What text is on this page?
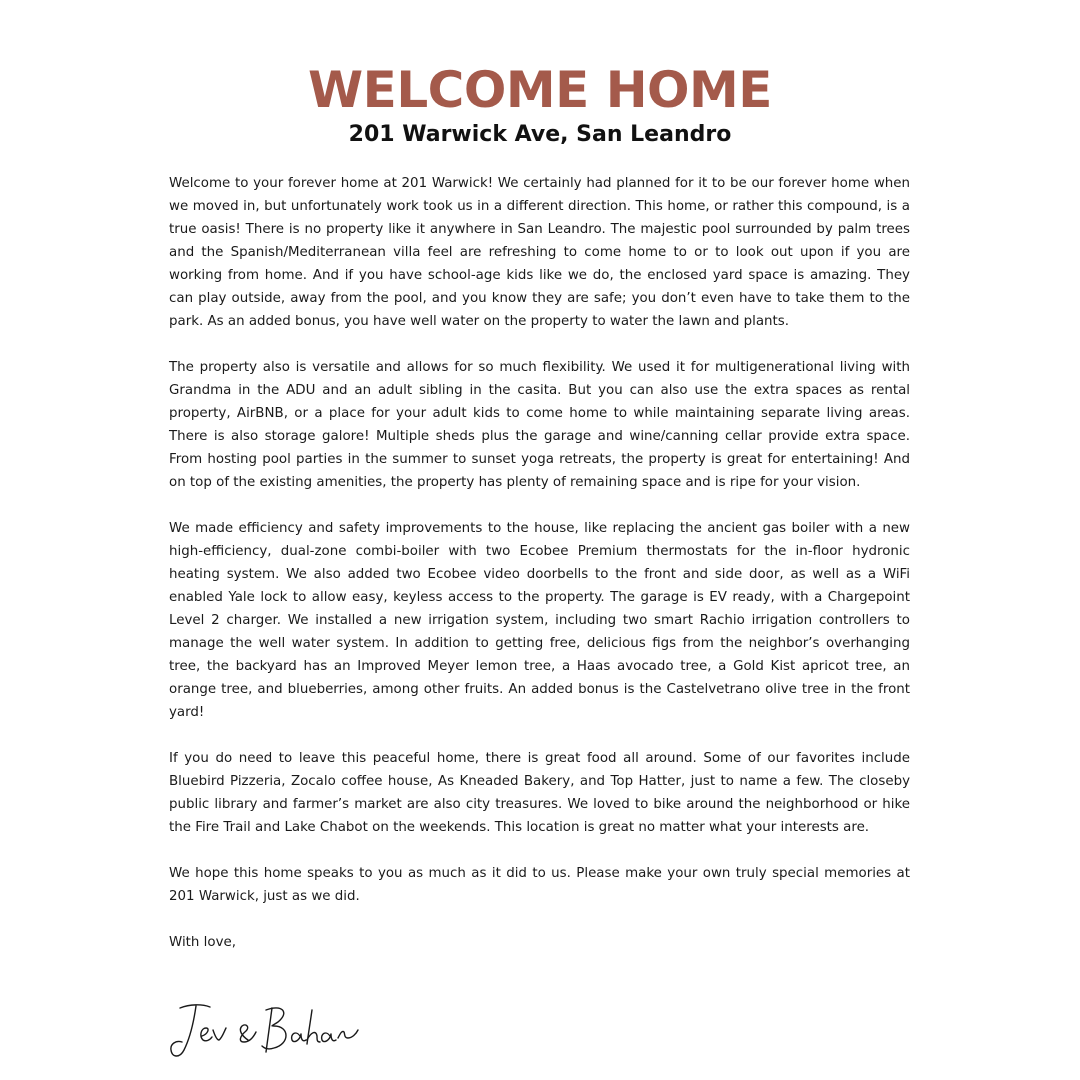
WELCOME HOME
201 Warwick Ave, San Leandro

Welcome to your forever home at 201 Warwick! We certainly had planned for it to be our forever home when we moved in, but unfortunately work took us in a different direction. This home, or rather this compound, is a true oasis! There is no property like it anywhere in San Leandro. The majestic pool surrounded by palm trees and the Spanish/Mediterranean villa feel are refreshing to come home to or to look out upon if you are working from home. And if you have school-age kids like we do, the enclosed yard space is amazing. They can play outside, away from the pool, and you know they are safe; you don’t even have to take them to the park. As an added bonus, you have well water on the property to water the lawn and plants.

The property also is versatile and allows for so much flexibility. We used it for multigenerational living with Grandma in the ADU and an adult sibling in the casita. But you can also use the extra spaces as rental property, AirBNB, or a place for your adult kids to come home to while maintaining separate living areas. There is also storage galore! Multiple sheds plus the garage and wine/canning cellar provide extra space. From hosting pool parties in the summer to sunset yoga retreats, the property is great for entertaining! And on top of the existing amenities, the property has plenty of remaining space and is ripe for your vision.

We made efficiency and safety improvements to the house, like replacing the ancient gas boiler with a new high-efficiency, dual-zone combi-boiler with two Ecobee Premium thermostats for the in-floor hydronic heating system. We also added two Ecobee video doorbells to the front and side door, as well as a WiFi enabled Yale lock to allow easy, keyless access to the property. The garage is EV ready, with a Chargepoint Level 2 charger. We installed a new irrigation system, including two smart Rachio irrigation controllers to manage the well water system. In addition to getting free, delicious figs from the neighbor’s overhanging tree, the backyard has an Improved Meyer lemon tree, a Haas avocado tree, a Gold Kist apricot tree, an orange tree, and blueberries, among other fruits. An added bonus is the Castelvetrano olive tree in the front yard!

If you do need to leave this peaceful home, there is great food all around. Some of our favorites include Bluebird Pizzeria, Zocalo coffee house, As Kneaded Bakery, and Top Hatter, just to name a few. The closeby public library and farmer’s market are also city treasures. We loved to bike around the neighborhood or hike the Fire Trail and Lake Chabot on the weekends. This location is great no matter what your interests are.

We hope this home speaks to you as much as it did to us. Please make your own truly special memories at 201 Warwick, just as we did.

With love,
